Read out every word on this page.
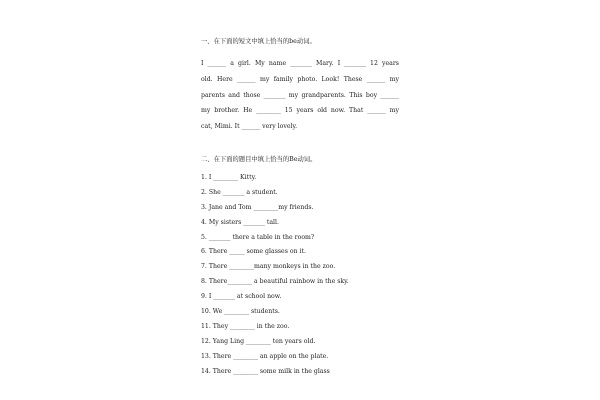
一、在下面的短文中填上恰当的be动词。

I ______ a girl. My name _______ Mary. I _______ 12 years
old. Here ______ my family photo. Look! These ______ my
parents and those _______ my grandparents. This boy ______
my brother. He ________ 15 years old now. That ______ my
cat, Mimi. It ______ very lovely.

二、在下面的题目中填上恰当的Be动词。

1. I ________ Kitty.
2. She _______ a student.
3. Jane and Tom ________my friends.
4. My sisters _______ tall.
5. _______ there a table in the room?
6. There _____ some glasses on it.
7. There ________many monkeys in the zoo.
8. There________ a beautiful rainbow in the sky.
9. I _______ at school now.
10. We ________ students.
11. They ________ in the zoo.
12. Yang Ling ________ ten years old.
13. There ________ an apple on the plate.
14. There ________ some milk in the glass
